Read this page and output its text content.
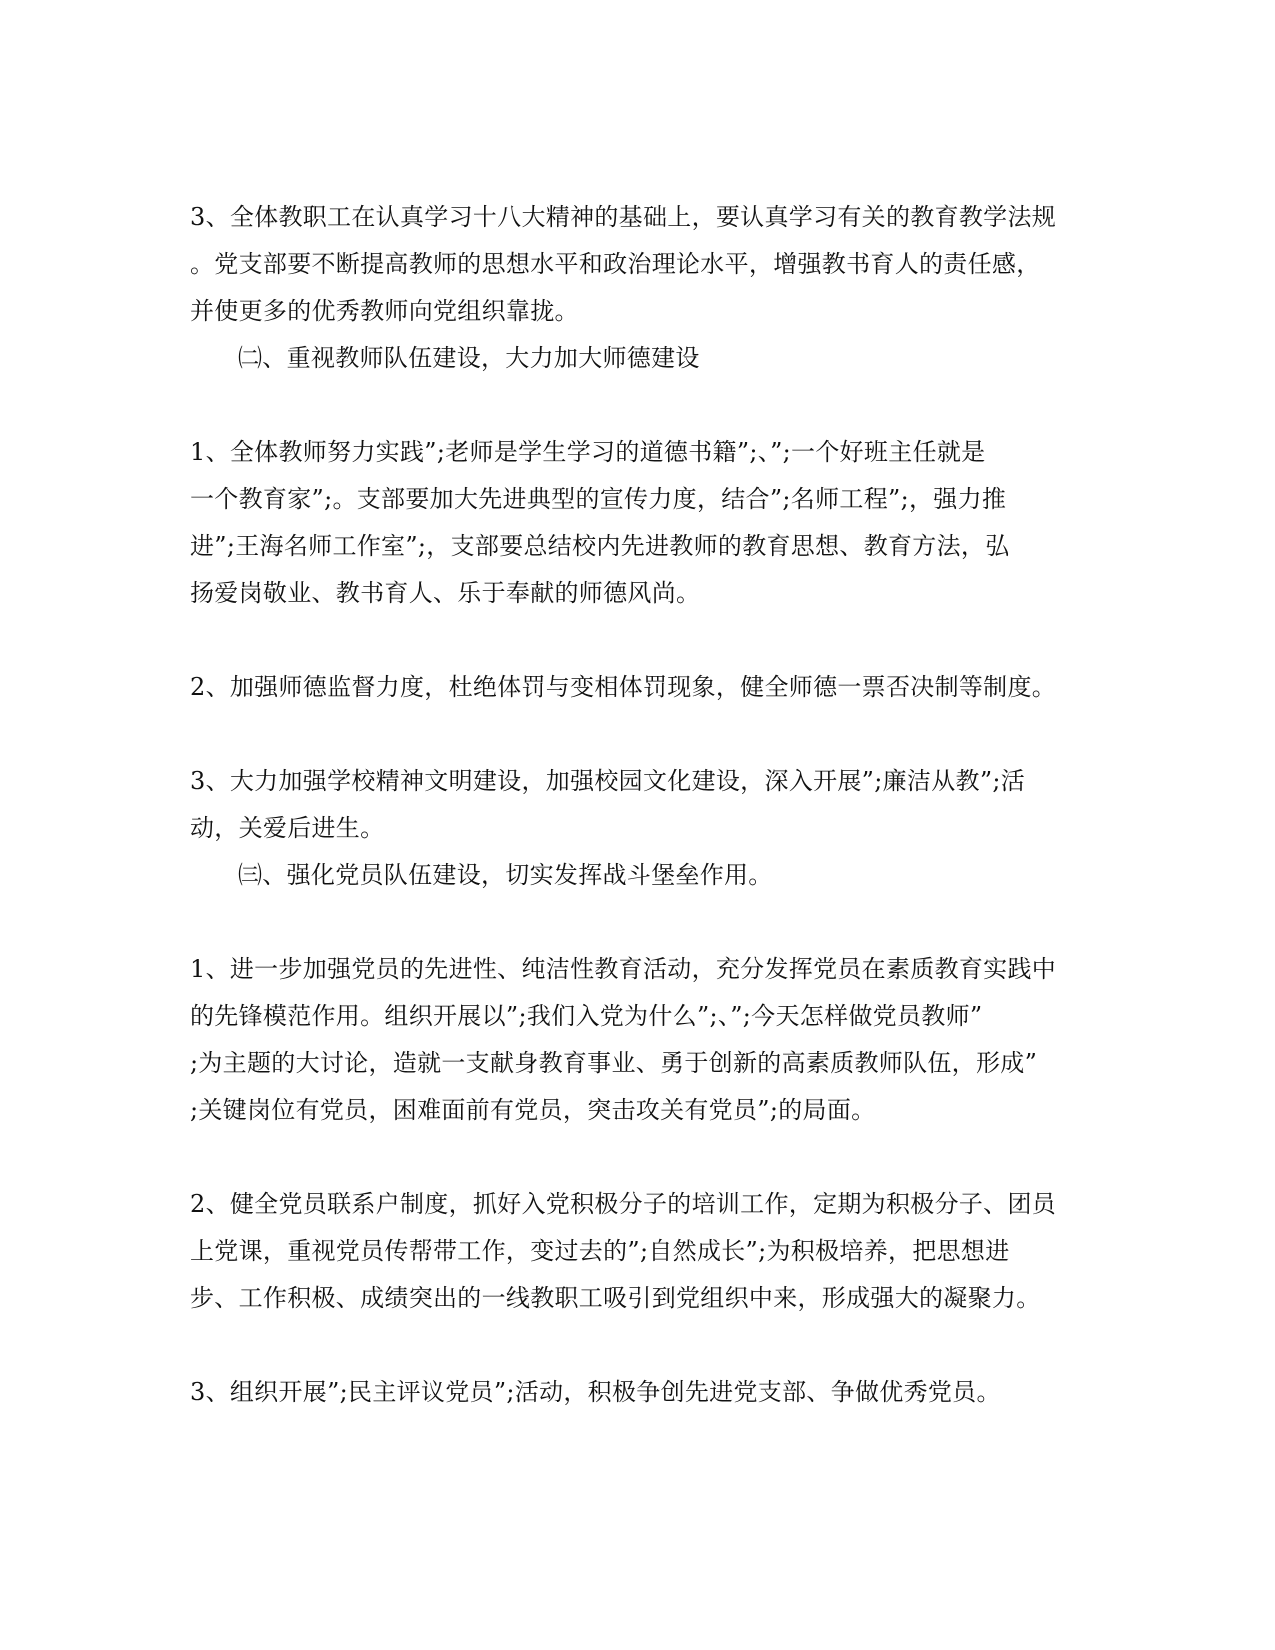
3、全体教职工在认真学习十八大精神的基础上，要认真学习有关的教育教学法规
。党支部要不断提高教师的思想水平和政治理论水平，增强教书育人的责任感，
并使更多的优秀教师向党组织靠拢。
㈡、重视教师队伍建设，大力加大师德建设
1、全体教师努力实践”;老师是学生学习的道德书籍”;、”;一个好班主任就是
一个教育家”;。支部要加大先进典型的宣传力度，结合”;名师工程”;，强力推
进”;王海名师工作室”;，支部要总结校内先进教师的教育思想、教育方法，弘
扬爱岗敬业、教书育人、乐于奉献的师德风尚。
2、加强师德监督力度，杜绝体罚与变相体罚现象，健全师德一票否决制等制度。
3、大力加强学校精神文明建设，加强校园文化建设，深入开展”;廉洁从教”;活
动，关爱后进生。
㈢、强化党员队伍建设，切实发挥战斗堡垒作用。
1、进一步加强党员的先进性、纯洁性教育活动，充分发挥党员在素质教育实践中
的先锋模范作用。组织开展以”;我们入党为什么”;、”;今天怎样做党员教师”
;为主题的大讨论，造就一支献身教育事业、勇于创新的高素质教师队伍，形成”
;关键岗位有党员，困难面前有党员，突击攻关有党员”;的局面。
2、健全党员联系户制度，抓好入党积极分子的培训工作，定期为积极分子、团员
上党课，重视党员传帮带工作，变过去的”;自然成长”;为积极培养，把思想进
步、工作积极、成绩突出的一线教职工吸引到党组织中来，形成强大的凝聚力。
3、组织开展”;民主评议党员”;活动，积极争创先进党支部、争做优秀党员。
